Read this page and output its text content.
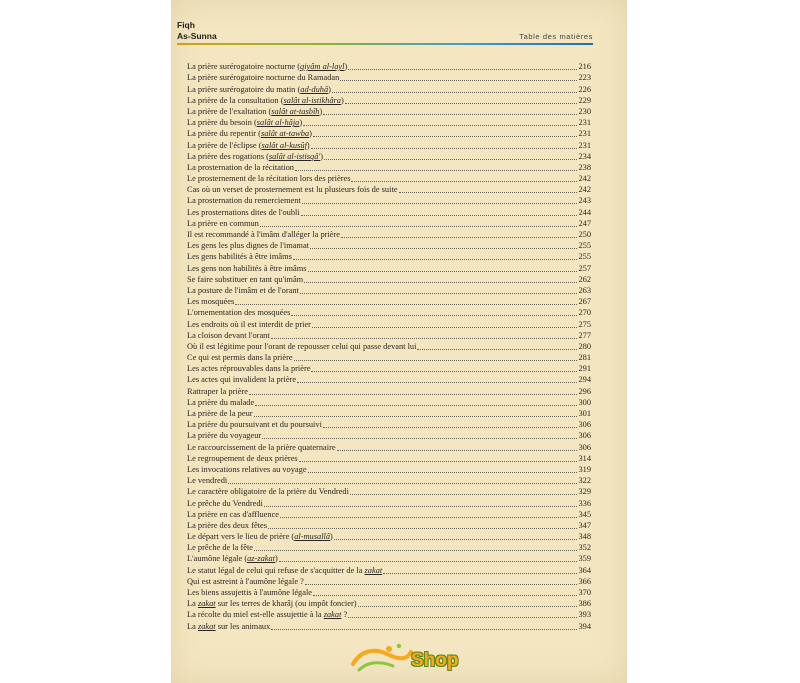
Fiqh
As-Sunna	Table des matières
La prière surérogatoire nocturne (qiyâm al-layl)	216
La prière surérogatoire nocturne du Ramadan	223
La prière surérogatoire du matin (ad-duhâ)	226
La prière de la consultation (salât al-istikhâra)	229
La prière de l'exaltation (salât at-tasbîh)	230
La prière du besoin (salât al-hâja)	231
La prière du repentir (salât at-tawba)	231
La prière de l'éclipse (salât al-kusûf)	231
La prière des rogations (salât al-istisqâ')	234
La prosternation de la récitation	238
Le prosternement de la récitation lors des prières	242
Cas où un verset de prosternement est lu plusieurs fois de suite	242
La prosternation du remerciement	243
Les prosternations dites de l'oubli	244
La prière en commun	247
Il est recommandé à l'imâm d'alléger la prière	250
Les gens les plus dignes de l'imamat	255
Les gens habilités à être imâms	255
Les gens non habilités à être imâms	257
Se faire substituer en tant qu'imâm	262
La posture de l'imâm et de l'orant	263
Les mosquées	267
L'ornementation des mosquées	270
Les endroits où il est interdit de prier	275
La cloison devant l'orant	277
Où il est légitime pour l'orant de repousser celui qui passe devant lui	280
Ce qui est permis dans la prière	281
Les actes réprouvables dans la prière	291
Les actes qui invalident la prière	294
Rattraper la prière	296
La prière du malade	300
La prière de la peur	301
La prière du poursuivant et du poursuivi	306
La prière du voyageur	306
Le raccourcissement de la prière quaternaire	306
Le regroupement de deux prières	314
Les invocations relatives au voyage	319
Le vendredi	322
Le caractère obligatoire de la prière du Vendredi	329
Le prêche du Vendredi	336
La prière en cas d'affluence	345
La prière des deux fêtes	347
Le départ vers le lieu de prière (al-musallâ)	348
Le prêche de la fête	352
L'aumône légale (az-zakat)	359
Le statut légal de celui qui refuse de s'acquitter de la zakat	364
Qui est astreint à l'aumône légale ?	366
Les biens assujettis à l'aumône légale	370
La zakat sur les terres de kharâj (ou impôt foncier)	386
La récolte du miel est-elle assujettie à la zakat ?	393
La zakat sur les animaux	394
Shop
